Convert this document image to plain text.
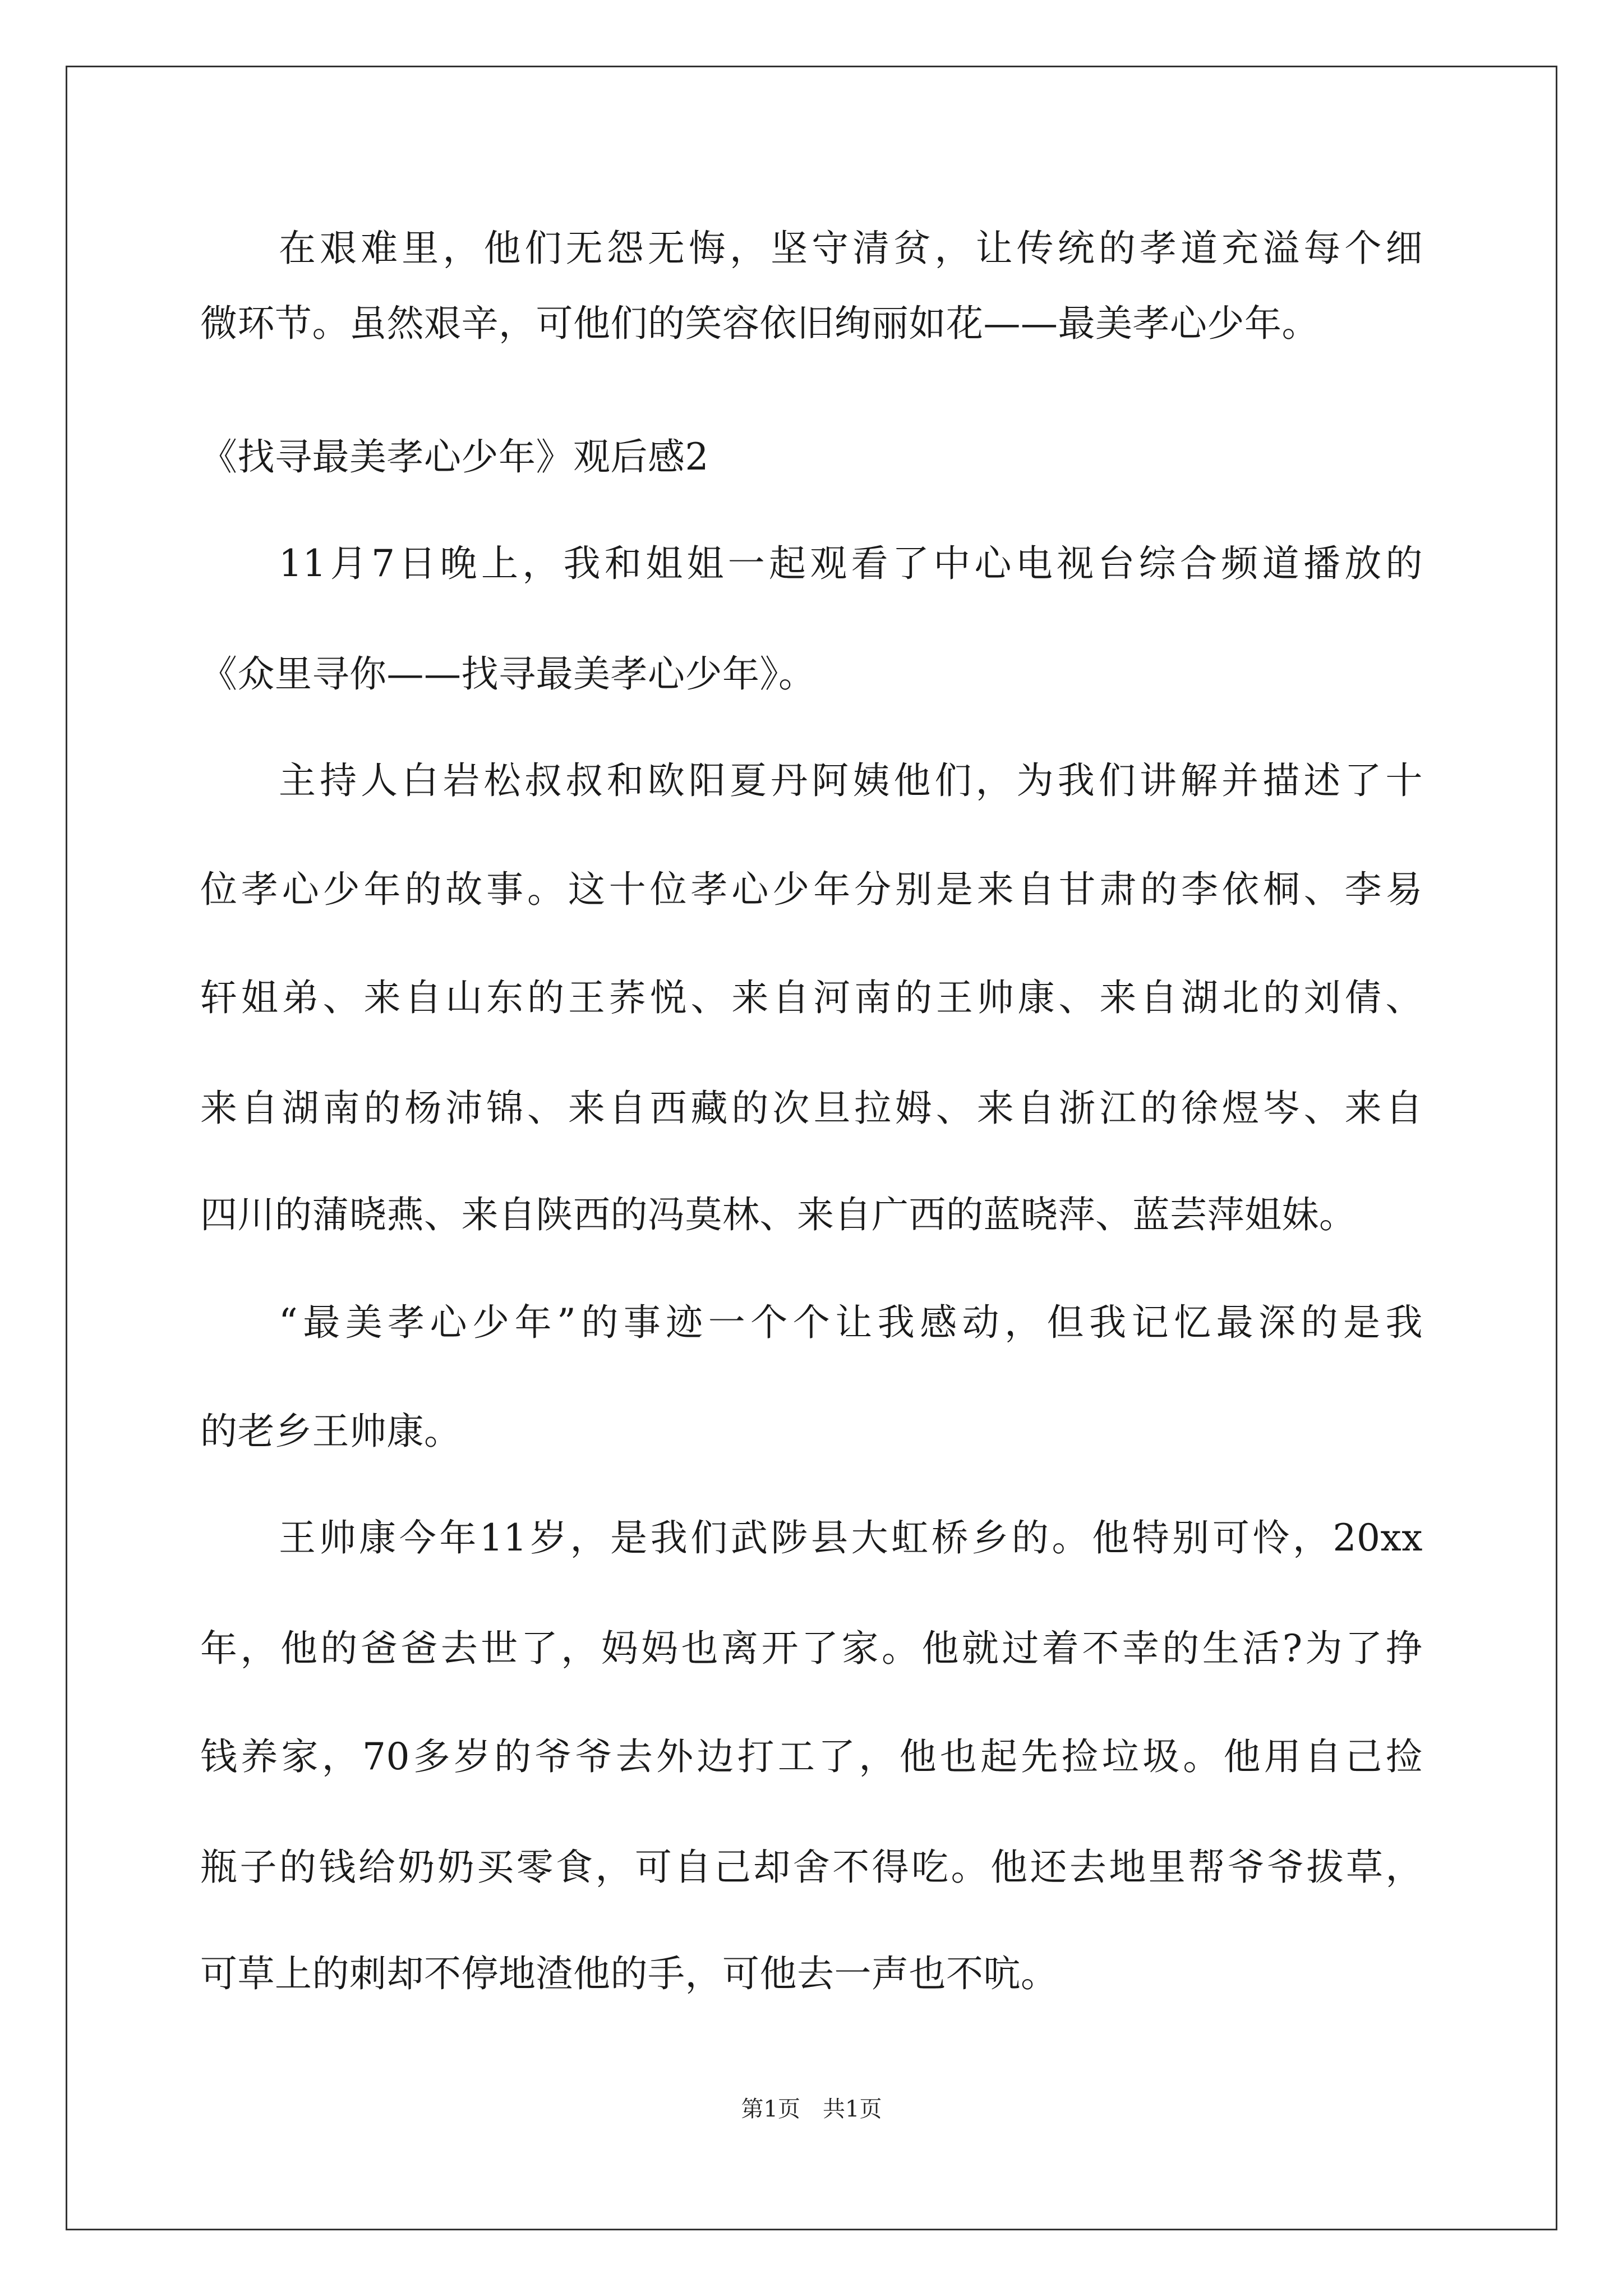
在艰难里，他们无怨无悔，坚守清贫，让传统的孝道充溢每个细
微环节。虽然艰辛，可他们的笑容依旧绚丽如花——最美孝心少年。
《找寻最美孝心少年》观后感2
11月7日晚上，我和姐姐一起观看了中心电视台综合频道播放的
《众里寻你——找寻最美孝心少年》。
主持人白岩松叔叔和欧阳夏丹阿姨他们，为我们讲解并描述了十
位孝心少年的故事。这十位孝心少年分别是来自甘肃的李依桐、李易
轩姐弟、来自山东的王荞悦、来自河南的王帅康、来自湖北的刘倩、
来自湖南的杨沛锦、来自西藏的次旦拉姆、来自浙江的徐煜岑、来自
四川的蒲晓燕、来自陕西的冯莫林、来自广西的蓝晓萍、蓝芸萍姐妹。
“最美孝心少年”的事迹一个个让我感动，但我记忆最深的是我
的老乡王帅康。
王帅康今年11岁，是我们武陟县大虹桥乡的。他特别可怜，20xx
年，他的爸爸去世了，妈妈也离开了家。他就过着不幸的生活?为了挣
钱养家，70多岁的爷爷去外边打工了，他也起先捡垃圾。他用自己捡
瓶子的钱给奶奶买零食，可自己却舍不得吃。他还去地里帮爷爷拔草，
可草上的刺却不停地渣他的手，可他去一声也不吭。
第1页 共1页
